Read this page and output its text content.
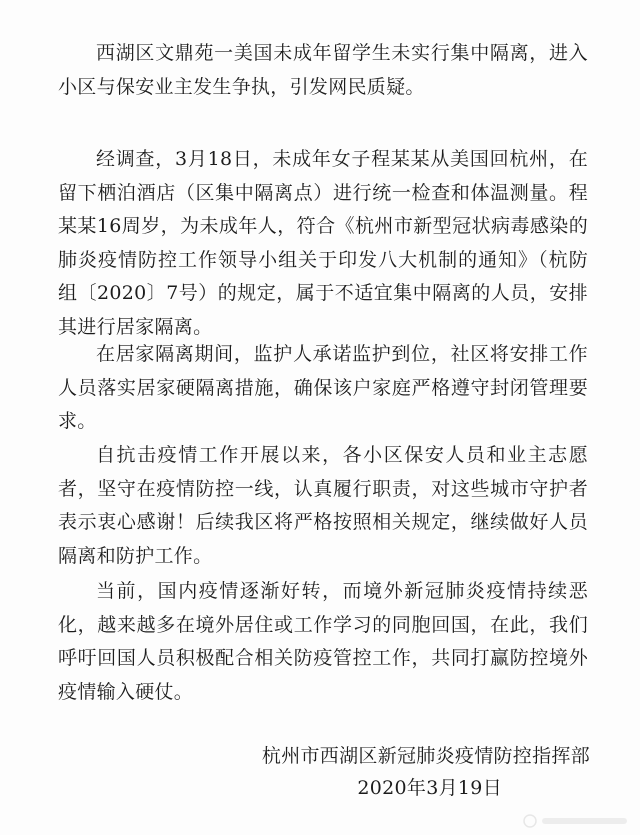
西湖区文鼎苑一美国未成年留学生未实行集中隔离，进入小区与保安业主发生争执，引发网民质疑。

经调查，3月18日，未成年女子程某某从美国回杭州，在留下栖泊酒店（区集中隔离点）进行统一检查和体温测量。程某某16周岁，为未成年人，符合《杭州市新型冠状病毒感染的肺炎疫情防控工作领导小组关于印发八大机制的通知》（杭防组〔2020〕7号）的规定，属于不适宜集中隔离的人员，安排其进行居家隔离。

在居家隔离期间，监护人承诺监护到位，社区将安排工作人员落实居家硬隔离措施，确保该户家庭严格遵守封闭管理要求。

自抗击疫情工作开展以来，各小区保安人员和业主志愿者，坚守在疫情防控一线，认真履行职责，对这些城市守护者表示衷心感谢！后续我区将严格按照相关规定，继续做好人员隔离和防护工作。

当前，国内疫情逐渐好转，而境外新冠肺炎疫情持续恶化，越来越多在境外居住或工作学习的同胞回国，在此，我们呼吁回国人员积极配合相关防疫管控工作，共同打赢防控境外疫情输入硬仗。

杭州市西湖区新冠肺炎疫情防控指挥部

2020年3月19日
